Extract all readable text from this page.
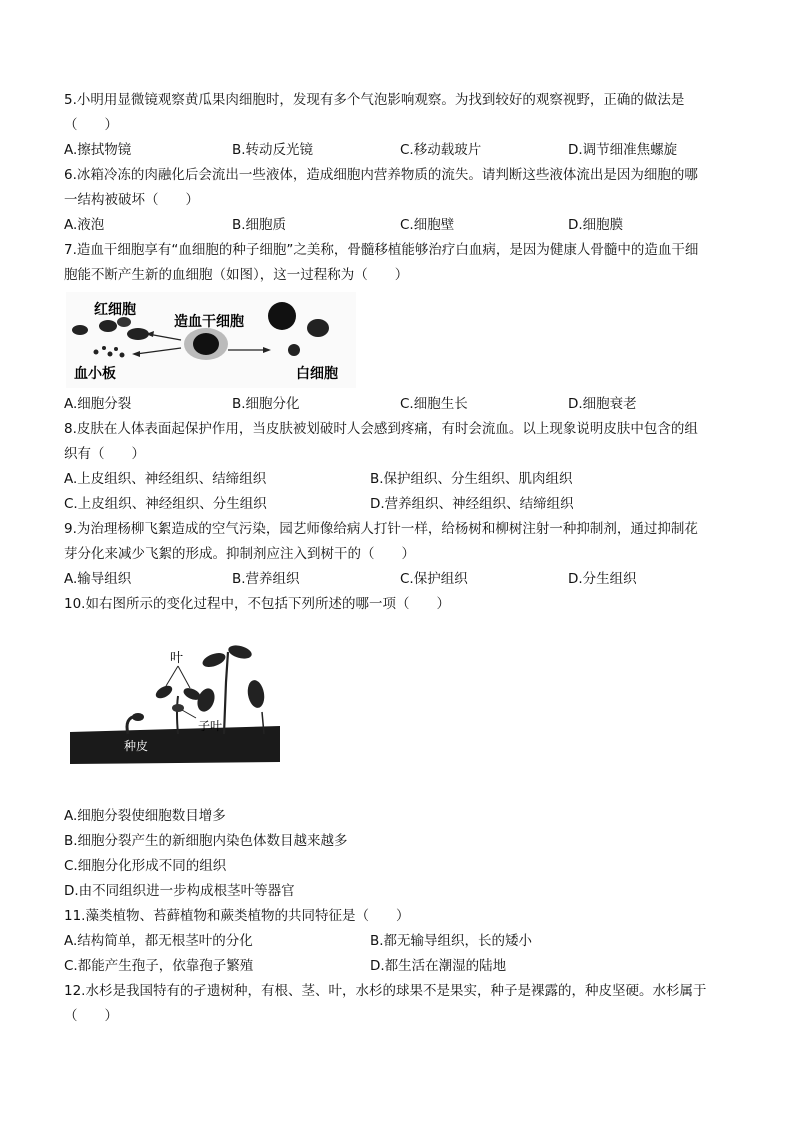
5.小明用显微镜观察黄瓜果肉细胞时，发现有多个气泡影响观察。为找到较好的观察视野，正确的做法是
（　　）
A.擦拭物镜	B.转动反光镜	C.移动载玻片	D.调节细准焦螺旋
6.冰箱冷冻的肉融化后会流出一些液体，造成细胞内营养物质的流失。请判断这些液体流出是因为细胞的哪
一结构被破坏（　　）
A.液泡	B.细胞质	C.细胞壁	D.细胞膜
7.造血干细胞享有“血细胞的种子细胞”之美称，骨髓移植能够治疗白血病，是因为健康人骨髓中的造血干细
胞能不断产生新的血细胞（如图），这一过程称为（　　）
红细胞
造血干细胞
血小板	白细胞
A.细胞分裂	B.细胞分化	C.细胞生长	D.细胞衰老
8.皮肤在人体表面起保护作用，当皮肤被划破时人会感到疼痛，有时会流血。以上现象说明皮肤中包含的组
织有（　　）
A.上皮组织、神经组织、结缔组织	B.保护组织、分生组织、肌肉组织
C.上皮组织、神经组织、分生组织	D.营养组织、神经组织、结缔组织
9.为治理杨柳飞絮造成的空气污染，园艺师像给病人打针一样，给杨树和柳树注射一种抑制剂，通过抑制花
芽分化来减少飞絮的形成。抑制剂应注入到树干的（　　）
A.输导组织	B.营养组织	C.保护组织	D.分生组织
10.如右图所示的变化过程中，不包括下列所述的哪一项（　　）
叶
子叶
种皮
A.细胞分裂使细胞数目增多
B.细胞分裂产生的新细胞内染色体数目越来越多
C.细胞分化形成不同的组织
D.由不同组织进一步构成根茎叶等器官
11.藻类植物、苔藓植物和蕨类植物的共同特征是（　　）
A.结构简单，都无根茎叶的分化	B.都无输导组织，长的矮小
C.都能产生孢子，依靠孢子繁殖	D.都生活在潮湿的陆地
12.水杉是我国特有的孑遗树种，有根、茎、叶，水杉的球果不是果实，种子是裸露的，种皮坚硬。水杉属于
（　　）
